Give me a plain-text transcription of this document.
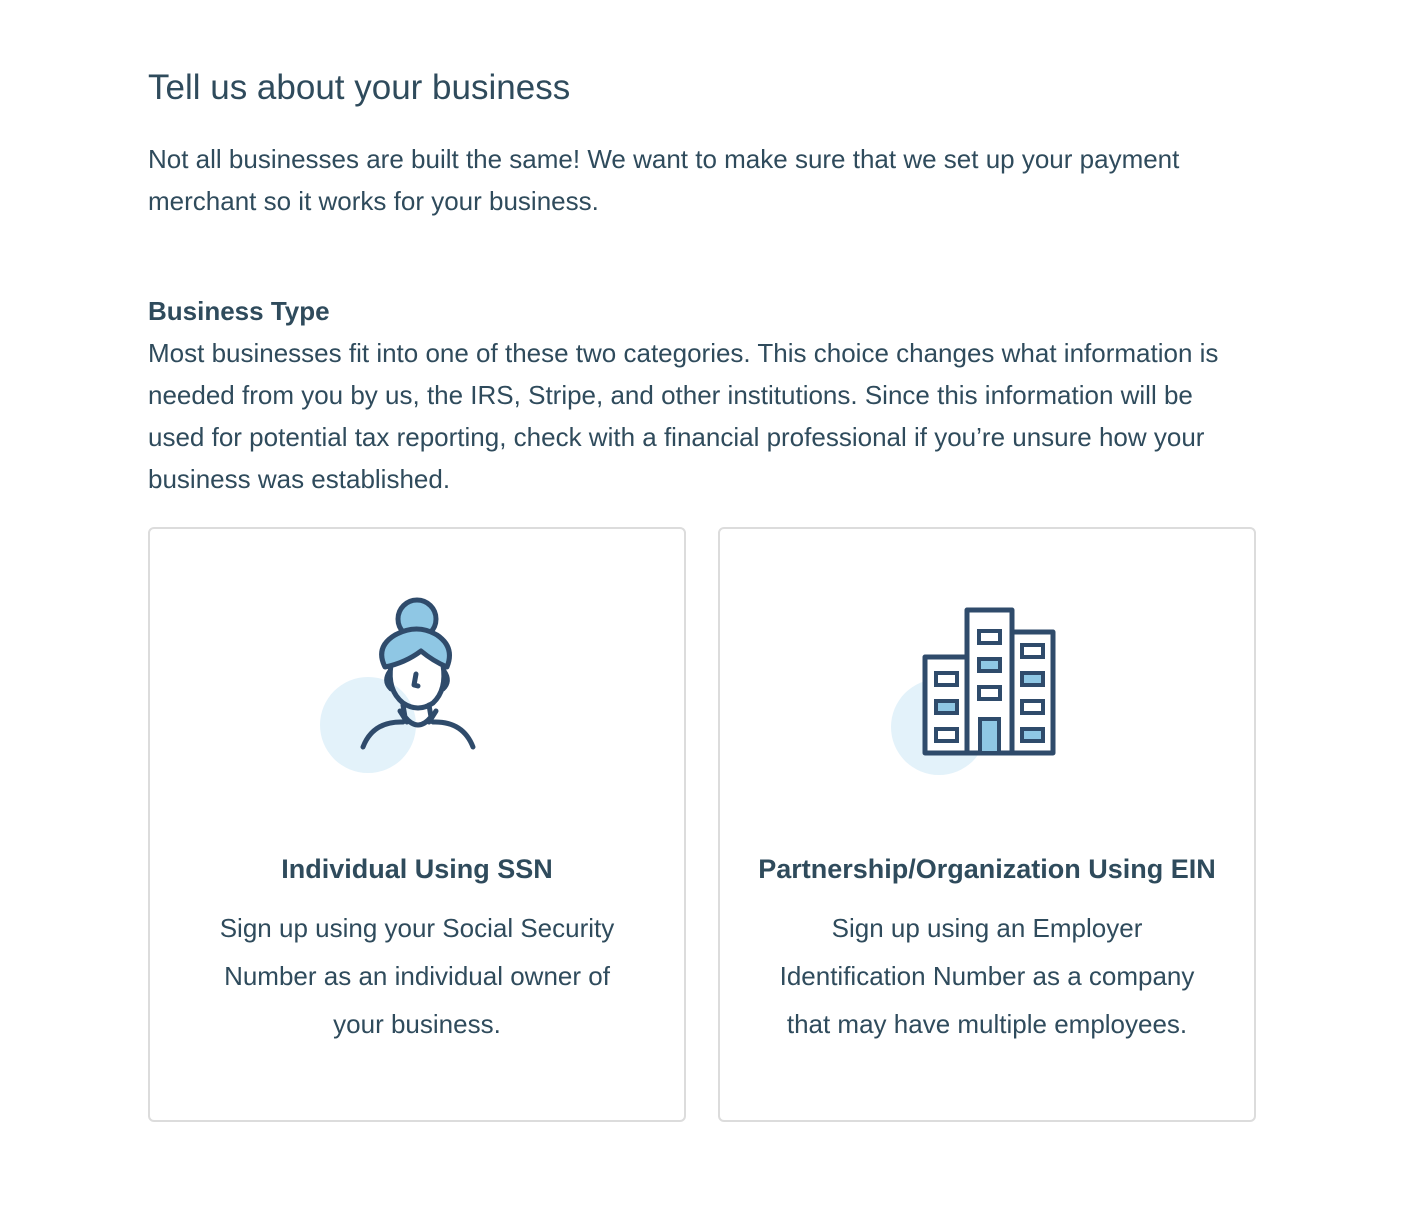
Tell us about your business

Not all businesses are built the same! We want to make sure that we set up your payment merchant so it works for your business.

Business Type

Most businesses fit into one of these two categories. This choice changes what information is needed from you by us, the IRS, Stripe, and other institutions. Since this information will be used for potential tax reporting, check with a financial professional if you’re unsure how your business was established.

Individual Using SSN
Sign up using your Social Security Number as an individual owner of your business.
Partnership/Organization Using EIN
Sign up using an Employer Identification Number as a company that may have multiple employees.
